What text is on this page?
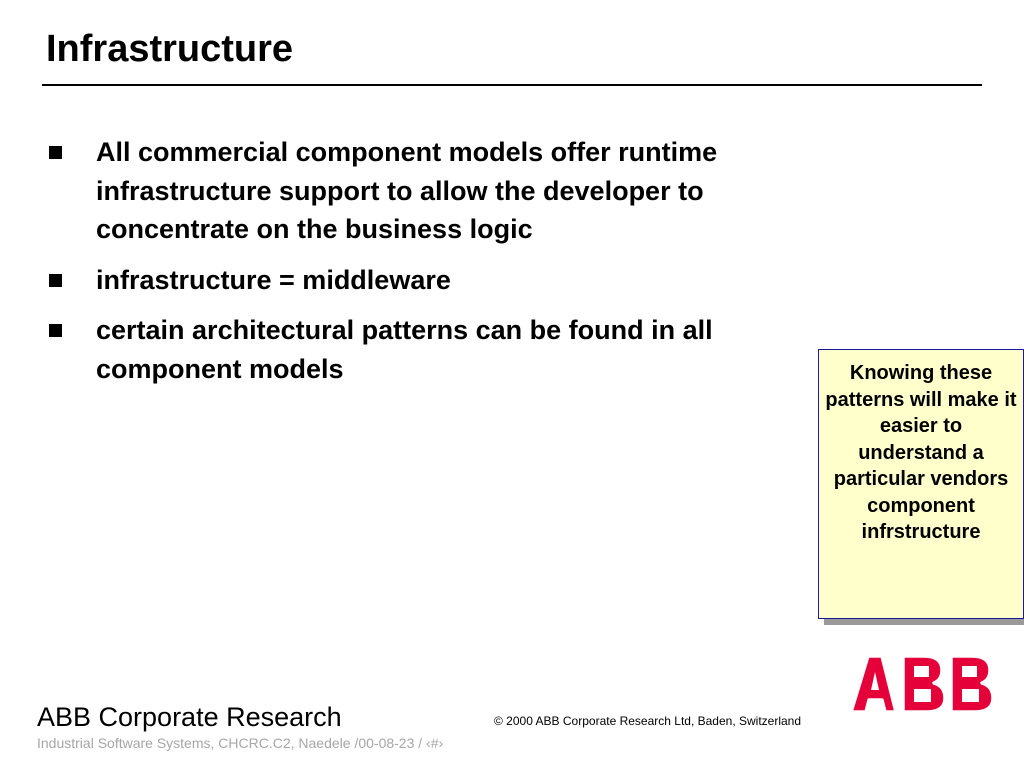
Infrastructure
All commercial component models offer runtime infrastructure support to allow the developer to concentrate on the business logic
infrastructure = middleware
certain architectural patterns can be found in all component models	Knowing these patterns will make it easier to understand a particular vendors component infrstructure
ABB Corporate Research	© 2000 ABB Corporate Research Ltd, Baden, Switzerland
Industrial Software Systems, CHCRC.C2, Naedele /00-08-23 / ‹#›
